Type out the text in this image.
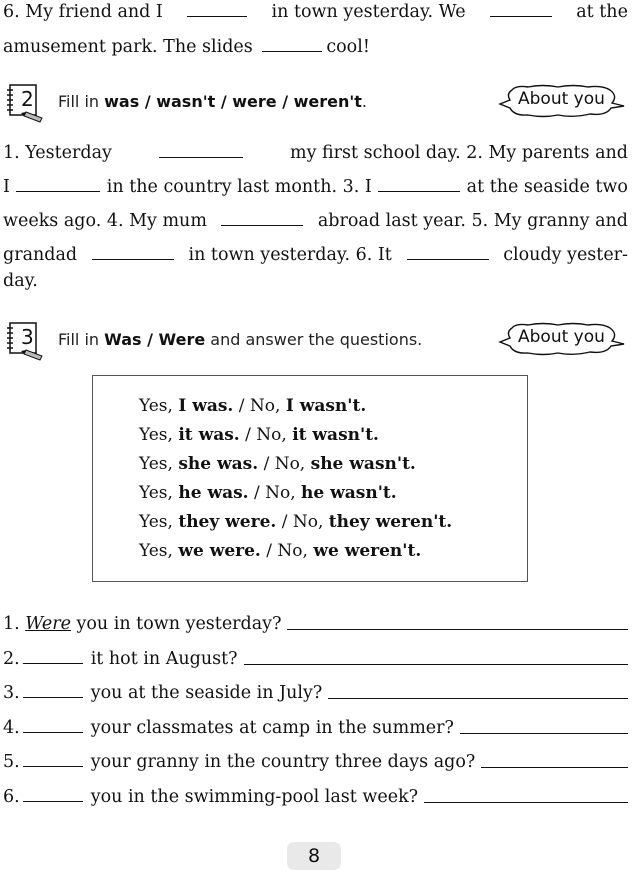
6. My friend and I	in town yesterday. We	at the
amusement park. The slides	cool!
2 Fill in was / wasn't / were / weren't.	About you
1. Yesterday	my first school day. 2. My parents and
I	in the country last month. 3. I	at the seaside two
weeks ago. 4. My mum	abroad last year. 5. My granny and
grandad	in town yesterday. 6. It	cloudy yester-
day.
3 Fill in Was / Were and answer the questions.	About you
Yes, I was. / No, I wasn't.
Yes, it was. / No, it wasn't.
Yes, she was. / No, she wasn't.
Yes, he was. / No, he wasn't.
Yes, they were. / No, they weren't.
Yes, we were. / No, we weren't.
1.
Were
you in town yesterday?
2.	it hot in August?
3.	you at the seaside in July?
4.	your classmates at camp in the summer?
5.	your granny in the country three days ago?
6.	you in the swimming-pool last week?
8
